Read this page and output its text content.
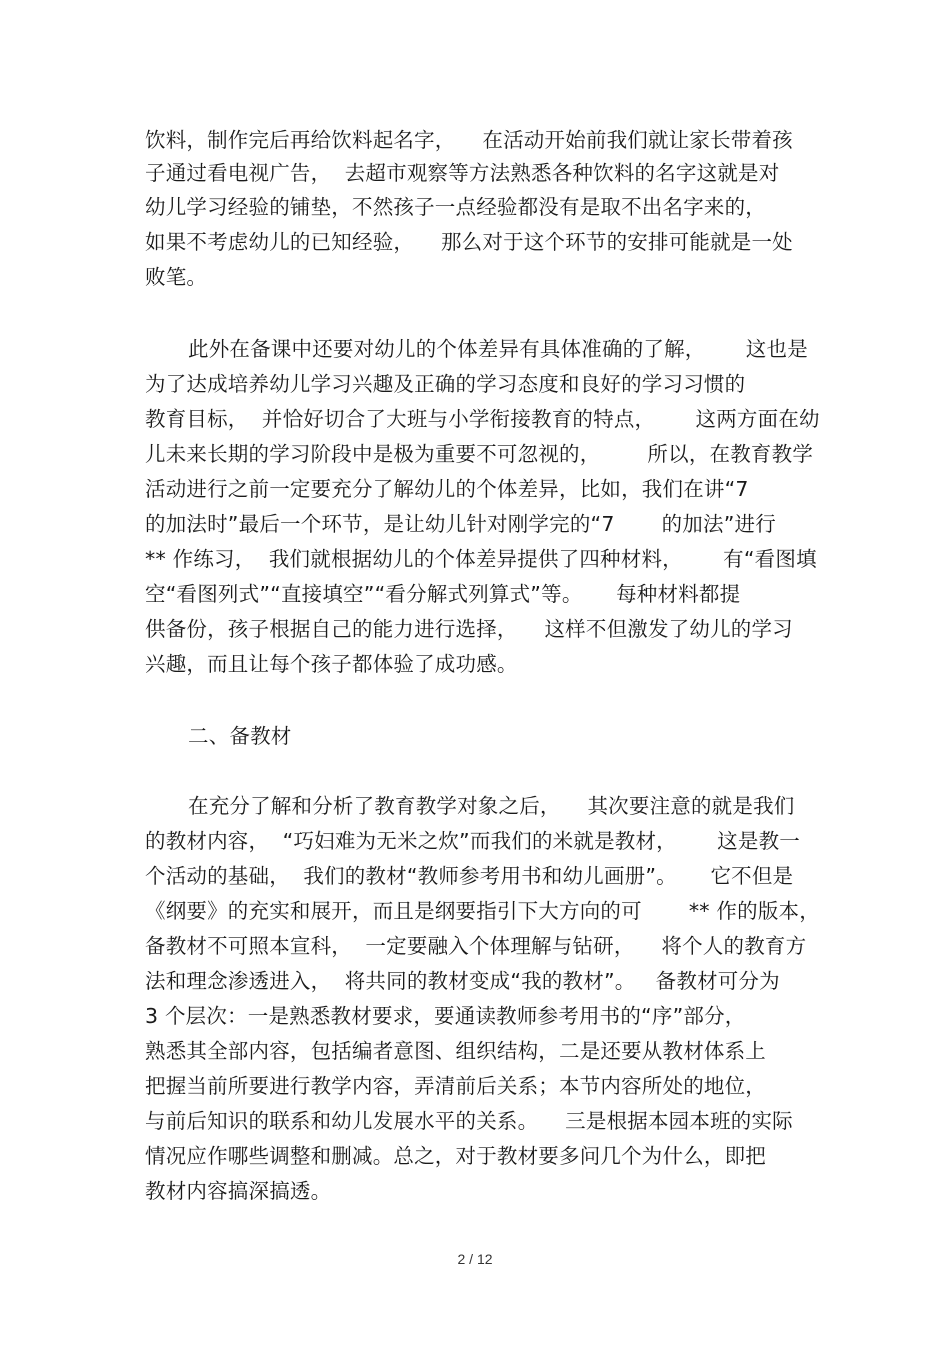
饮料，制作完后再给饮料起名字，    在活动开始前我们就让家长带着孩
子通过看电视广告，  去超市观察等方法熟悉各种饮料的名字这就是对
幼儿学习经验的铺垫，不然孩子一点经验都没有是取不出名字来的，
如果不考虑幼儿的已知经验，    那么对于这个环节的安排可能就是一处
败笔。
此外在备课中还要对幼儿的个体差异有具体准确的了解，      这也是
为了达成培养幼儿学习兴趣及正确的学习态度和良好的学习习惯的
教育目标，  并恰好切合了大班与小学衔接教育的特点，      这两方面在幼
儿未来长期的学习阶段中是极为重要不可忽视的，       所以，在教育教学
活动进行之前一定要充分了解幼儿的个体差异，比如，我们在讲“7
的加法时”最后一个环节，是让幼儿针对刚学完的“7       的加法”进行
** 作练习，  我们就根据幼儿的个体差异提供了四种材料，      有“看图填
空“看图列式”“直接填空”“看分解式列算式”等。     每种材料都提
供备份，孩子根据自己的能力进行选择，    这样不但激发了幼儿的学习
兴趣，而且让每个孩子都体验了成功感。
二、备教材
在充分了解和分析了教育教学对象之后，    其次要注意的就是我们
的教材内容，  “巧妇难为无米之炊”而我们的米就是教材，      这是教一
个活动的基础，  我们的教材“教师参考用书和幼儿画册”。     它不但是
《纲要》的充实和展开，而且是纲要指引下大方向的可       ** 作的版本，
备教材不可照本宣科，  一定要融入个体理解与钻研，    将个人的教育方
法和理念渗透进入，  将共同的教材变成“我的教材”。   备教材可分为
3 个层次：一是熟悉教材要求，要通读教师参考用书的“序”部分，
熟悉其全部内容，包括编者意图、组织结构，二是还要从教材体系上
把握当前所要进行教学内容，弄清前后关系；本节内容所处的地位，
与前后知识的联系和幼儿发展水平的关系。    三是根据本园本班的实际
情况应作哪些调整和删减。总之，对于教材要多问几个为什么，即把
教材内容搞深搞透。
2 / 12
